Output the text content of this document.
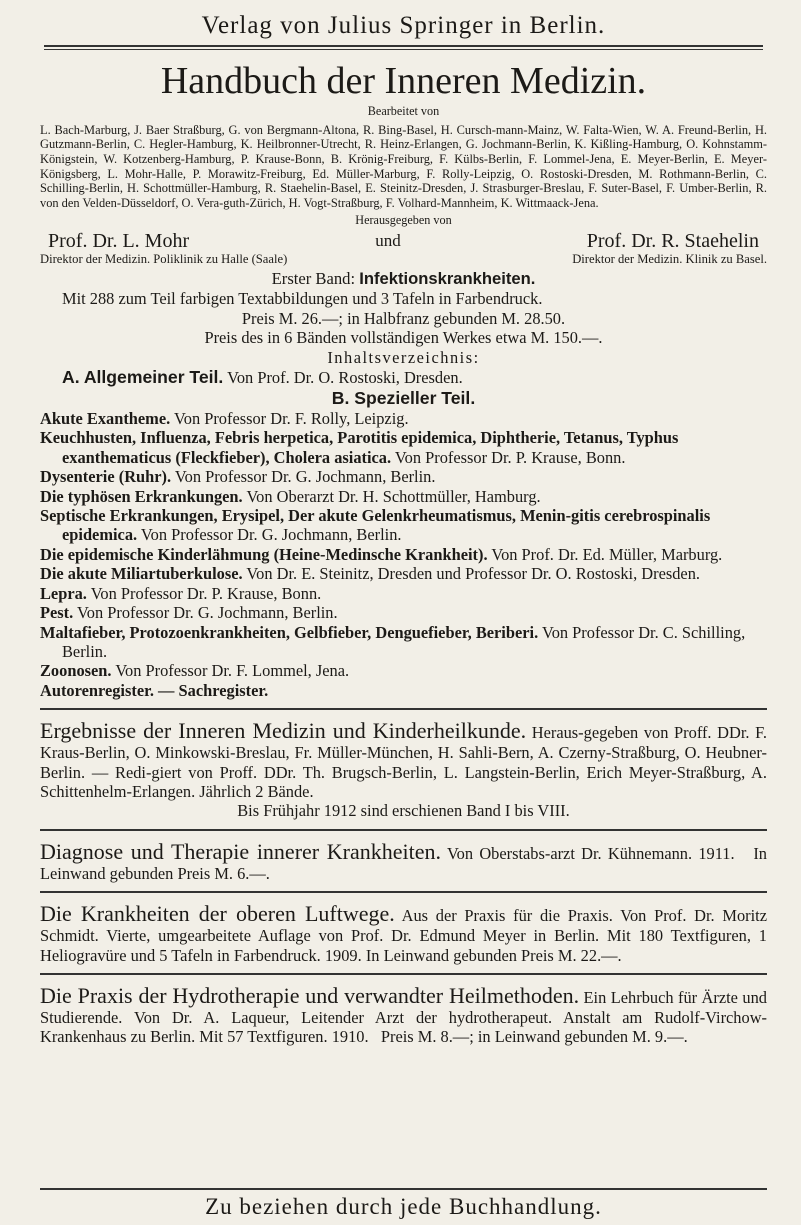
Verlag von Julius Springer in Berlin.
Handbuch der Inneren Medizin.
Bearbeitet von
L. Bach-Marburg, J. Baer Straßburg, G. von Bergmann-Altona, R. Bing-Basel, H. Cursch-mann-Mainz, W. Falta-Wien, W. A. Freund-Berlin, H. Gutzmann-Berlin, C. Hegler-Hamburg, K. Heilbronner-Utrecht, R. Heinz-Erlangen, G. Jochmann-Berlin, K. Kißling-Hamburg, O. Kohnstamm-Königstein, W. Kotzenberg-Hamburg, P. Krause-Bonn, B. Krönig-Freiburg, F. Külbs-Berlin, F. Lommel-Jena, E. Meyer-Berlin, E. Meyer-Königsberg, L. Mohr-Halle, P. Morawitz-Freiburg, Ed. Müller-Marburg, F. Rolly-Leipzig, O. Rostoski-Dresden, M. Rothmann-Berlin, C. Schilling-Berlin, H. Schottmüller-Hamburg, R. Staehelin-Basel, E. Steinitz-Dresden, J. Strasburger-Breslau, F. Suter-Basel, F. Umber-Berlin, R. von den Velden-Düsseldorf, O. Vera-guth-Zürich, H. Vogt-Straßburg, F. Volhard-Mannheim, K. Wittmaack-Jena.
Herausgegeben von
Prof. Dr. L. Mohr	und	Prof. Dr. R. Staehelin
Direktor der Medizin. Poliklinik zu Halle (Saale)	Direktor der Medizin. Klinik zu Basel.
Erster Band: Infektionskrankheiten.
Mit 288 zum Teil farbigen Textabbildungen und 3 Tafeln in Farbendruck.
Preis M. 26.—; in Halbfranz gebunden M. 28.50.
Preis des in 6 Bänden vollständigen Werkes etwa M. 150.—.
Inhaltsverzeichnis:
A. Allgemeiner Teil. Von Prof. Dr. O. Rostoski, Dresden.
B. Spezieller Teil.
Akute Exantheme. Von Professor Dr. F. Rolly, Leipzig.
Keuchhusten, Influenza, Febris herpetica, Parotitis epidemica, Diphtherie, Tetanus, Typhus exanthematicus (Fleckfieber), Cholera asiatica. Von Professor Dr. P. Krause, Bonn.
Dysenterie (Ruhr). Von Professor Dr. G. Jochmann, Berlin.
Die typhösen Erkrankungen. Von Oberarzt Dr. H. Schottmüller, Hamburg.
Septische Erkrankungen, Erysipel, Der akute Gelenkrheumatismus, Menin-gitis cerebrospinalis epidemica. Von Professor Dr. G. Jochmann, Berlin.
Die epidemische Kinderlähmung (Heine-Medinsche Krankheit). Von Prof. Dr. Ed. Müller, Marburg.
Die akute Miliartuberkulose. Von Dr. E. Steinitz, Dresden und Professor Dr. O. Rostoski, Dresden.
Lepra. Von Professor Dr. P. Krause, Bonn.
Pest. Von Professor Dr. G. Jochmann, Berlin.
Maltafieber, Protozoenkrankheiten, Gelbfieber, Denguefieber, Beriberi. Von Professor Dr. C. Schilling, Berlin.
Zoonosen. Von Professor Dr. F. Lommel, Jena.
Autorenregister. — Sachregister.
Ergebnisse der Inneren Medizin und Kinderheilkunde. Heraus-gegeben von Proff. DDr. F. Kraus-Berlin, O. Minkowski-Breslau, Fr. Müller-München, H. Sahli-Bern, A. Czerny-Straßburg, O. Heubner-Berlin. — Redi-giert von Proff. DDr. Th. Brugsch-Berlin, L. Langstein-Berlin, Erich Meyer-Straßburg, A. Schittenhelm-Erlangen. Jährlich 2 Bände.
Bis Frühjahr 1912 sind erschienen Band I bis VIII.
Diagnose und Therapie innerer Krankheiten. Von Oberstabs-arzt Dr. Kühnemann. 1911.   In Leinwand gebunden Preis M. 6.—.
Die Krankheiten der oberen Luftwege. Aus der Praxis für die Praxis. Von Prof. Dr. Moritz Schmidt. Vierte, umgearbeitete Auflage von Prof. Dr. Edmund Meyer in Berlin. Mit 180 Textfiguren, 1 Heliogravüre und 5 Tafeln in Farbendruck. 1909. In Leinwand gebunden Preis M. 22.—.
Die Praxis der Hydrotherapie und verwandter Heilmethoden. Ein Lehrbuch für Ärzte und Studierende. Von Dr. A. Laqueur, Leitender Arzt der hydrotherapeut. Anstalt am Rudolf-Virchow-Krankenhaus zu Berlin. Mit 57 Textfiguren. 1910.   Preis M. 8.—; in Leinwand gebunden M. 9.—.
Zu beziehen durch jede Buchhandlung.
